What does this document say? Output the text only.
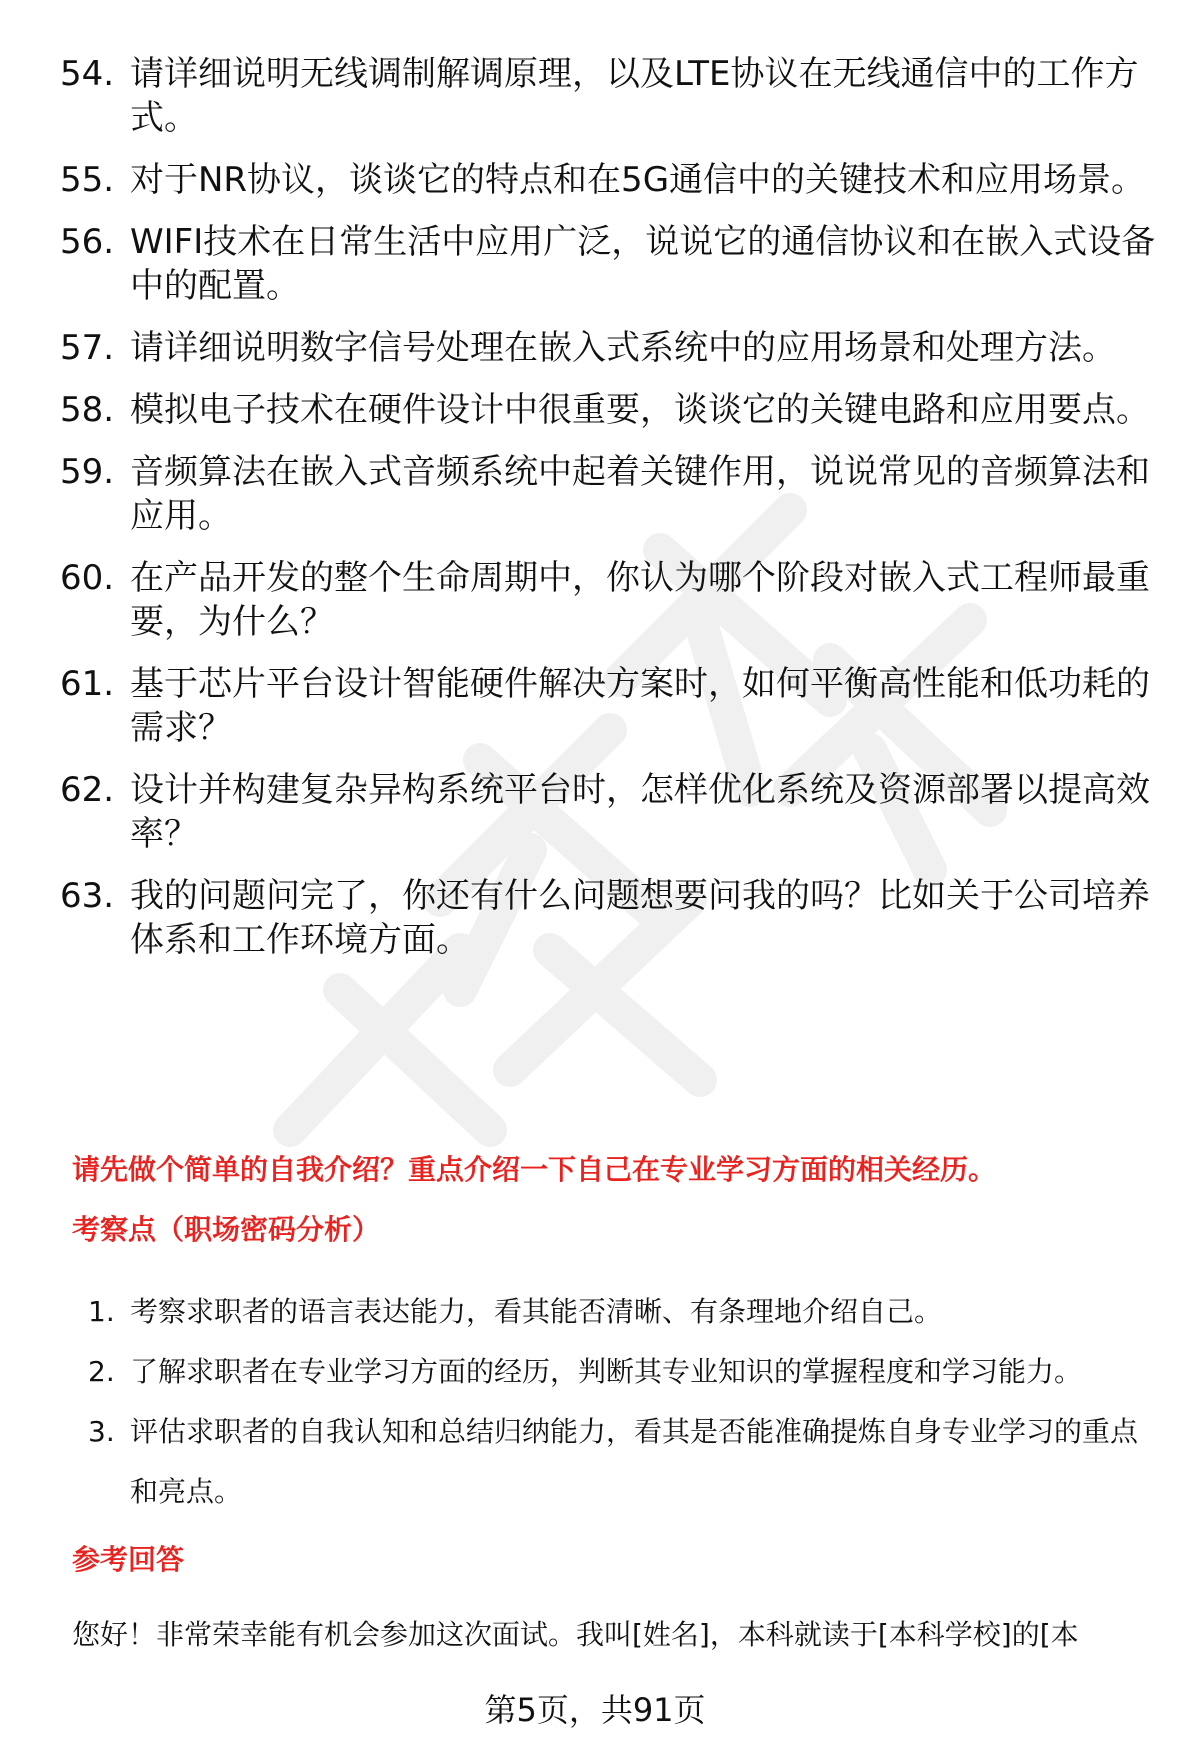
54. 请详细说明无线调制解调原理，以及LTE协议在无线通信中的工作方式。
55. 对于NR协议，谈谈它的特点和在5G通信中的关键技术和应用场景。
56. WIFI技术在日常生活中应用广泛，说说它的通信协议和在嵌入式设备中的配置。
57. 请详细说明数字信号处理在嵌入式系统中的应用场景和处理方法。
58. 模拟电子技术在硬件设计中很重要，谈谈它的关键电路和应用要点。
59. 音频算法在嵌入式音频系统中起着关键作用，说说常见的音频算法和应用。
60. 在产品开发的整个生命周期中，你认为哪个阶段对嵌入式工程师最重要，为什么？
61. 基于芯片平台设计智能硬件解决方案时，如何平衡高性能和低功耗的需求？
62. 设计并构建复杂异构系统平台时，怎样优化系统及资源部署以提高效率？
63. 我的问题问完了，你还有什么问题想要问我的吗？比如关于公司培养体系和工作环境方面。
请先做个简单的自我介绍？重点介绍一下自己在专业学习方面的相关经历。
考察点（职场密码分析）
1. 考察求职者的语言表达能力，看其能否清晰、有条理地介绍自己。
2. 了解求职者在专业学习方面的经历，判断其专业知识的掌握程度和学习能力。
3. 评估求职者的自我认知和总结归纳能力，看其是否能准确提炼自身专业学习的重点和亮点。
参考回答
您好！非常荣幸能有机会参加这次面试。我叫[姓名]，本科就读于[本科学校]的[本
第5页，共91页
